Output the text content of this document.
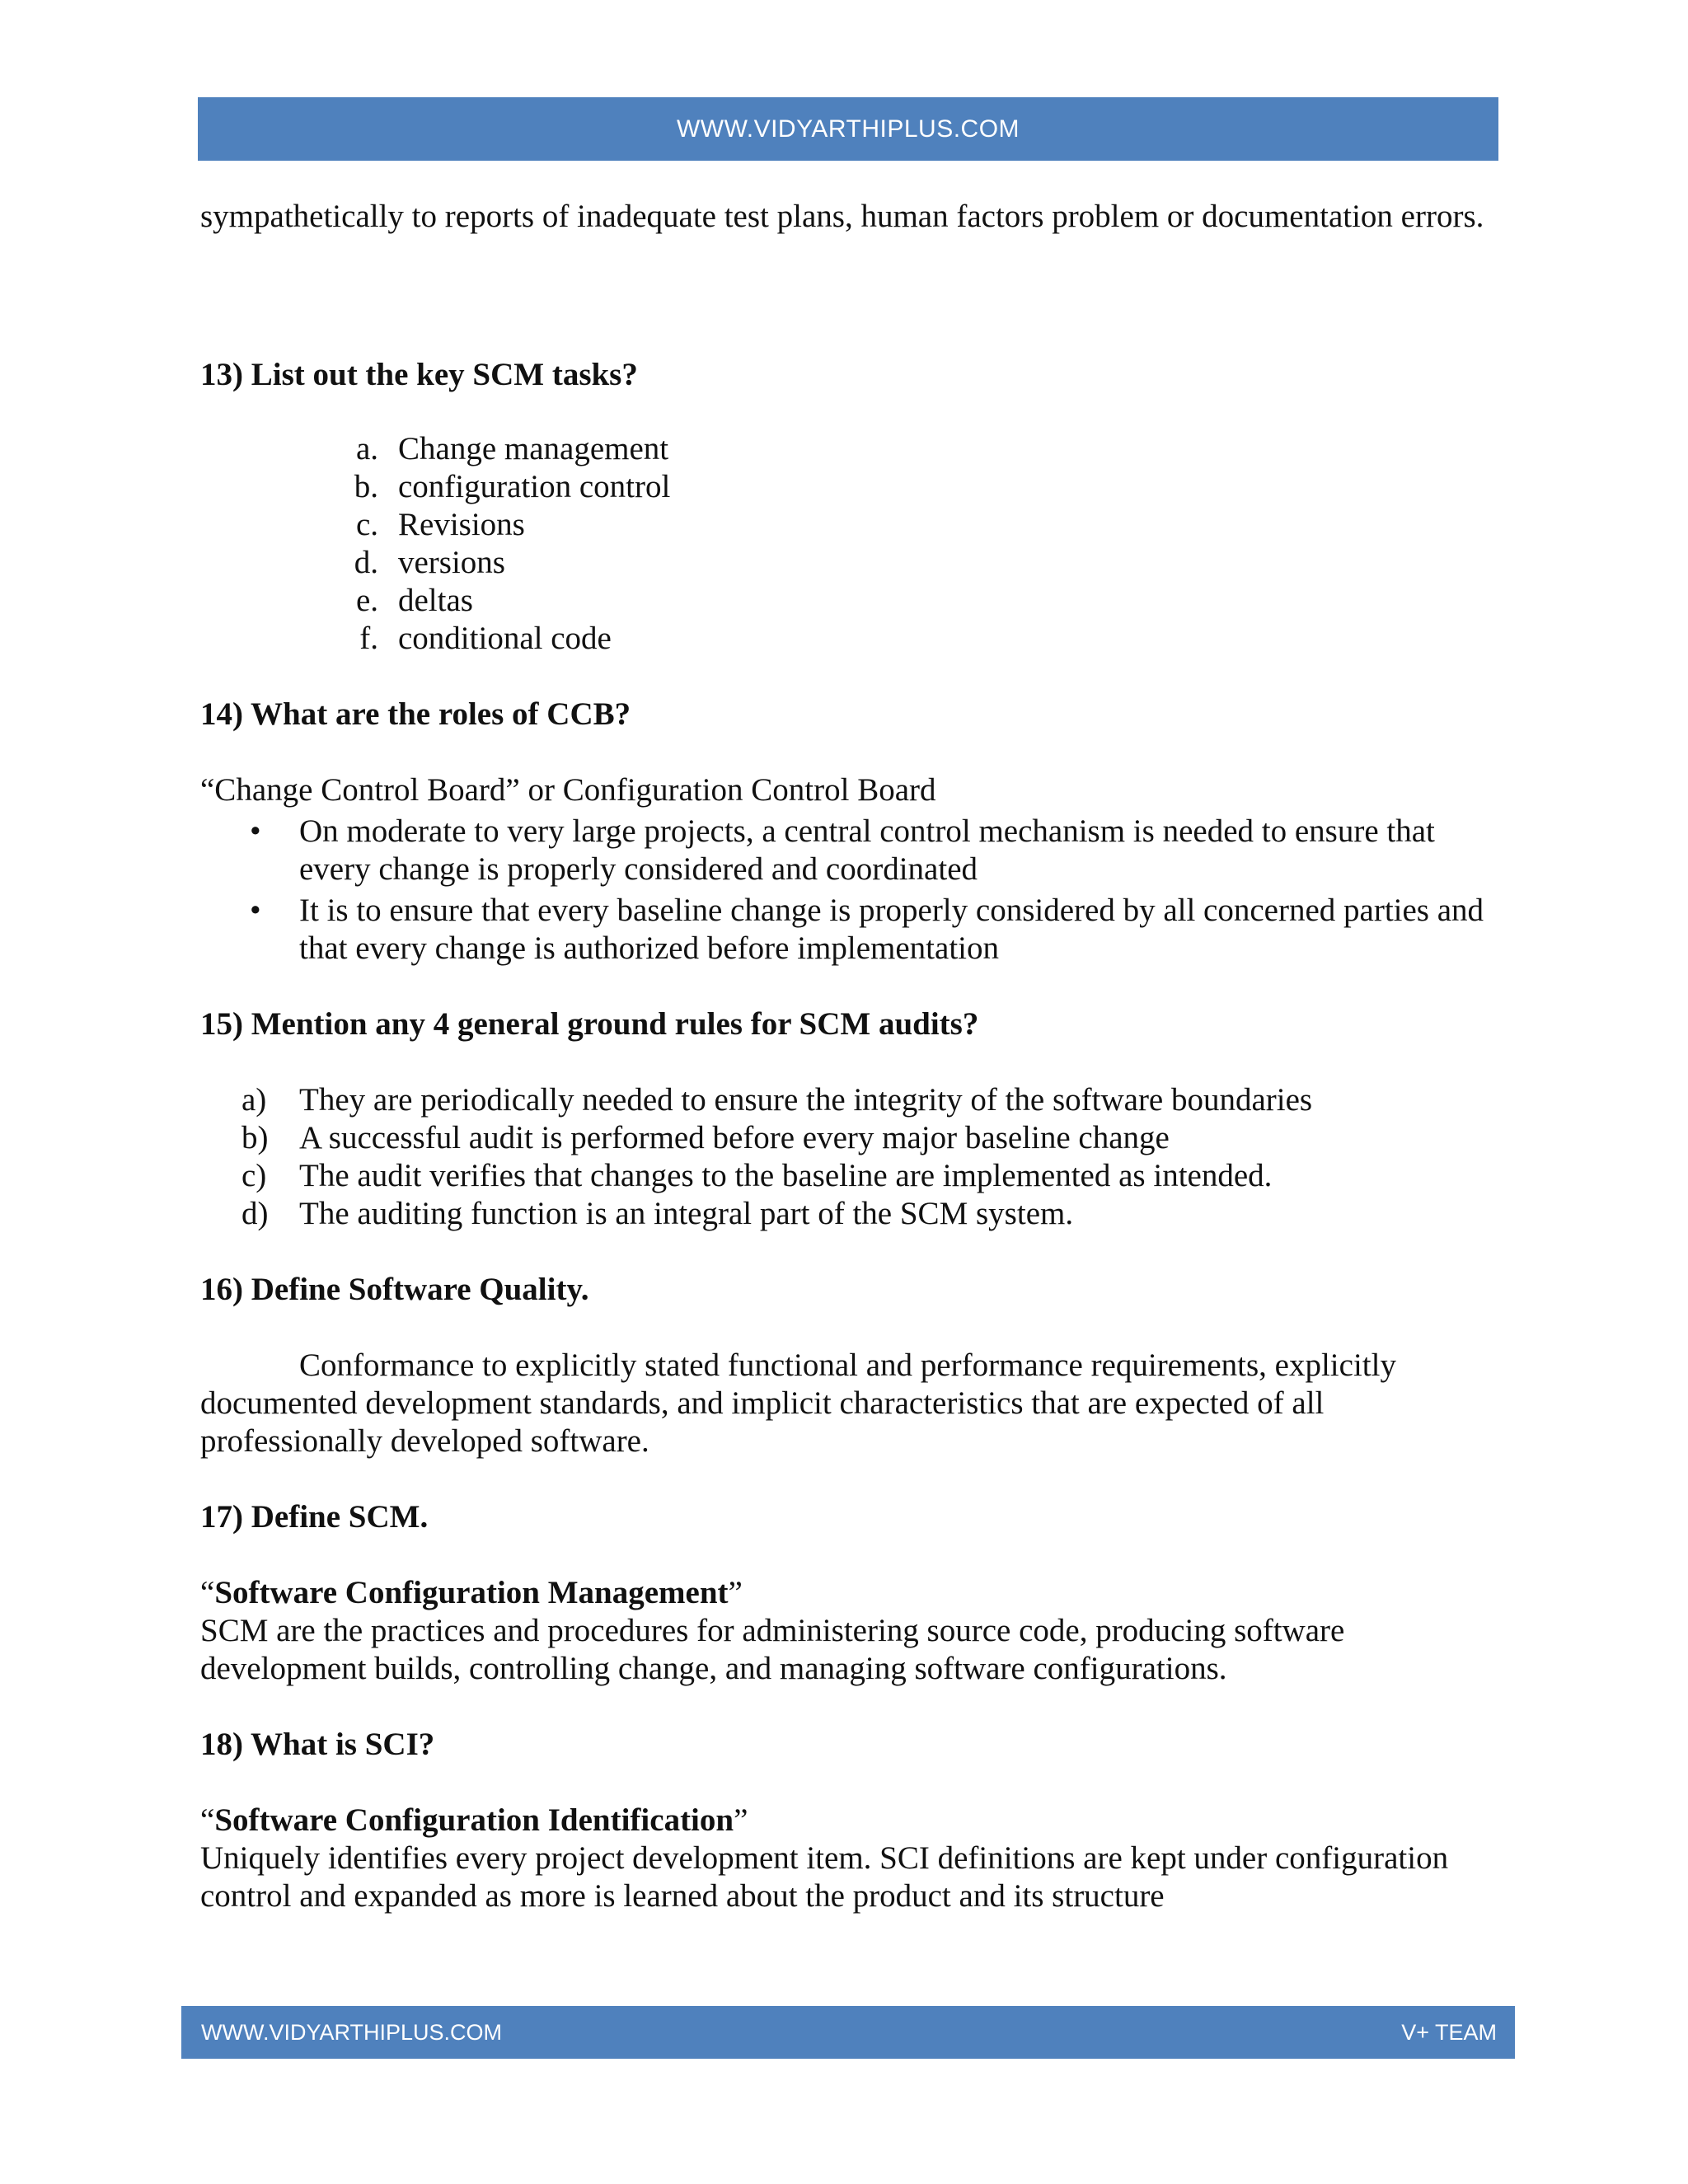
WWW.VIDYARTHIPLUS.COM

sympathetically to reports of inadequate test plans, human factors problem or documentation errors.

13) List out the key SCM tasks?

a. Change management
b. configuration control
c. Revisions
d. versions
e. deltas
f. conditional code

14) What are the roles of CCB?

“Change Control Board” or Configuration Control Board

•	On moderate to very large projects, a central control mechanism is needed to ensure that every change is properly considered and coordinated
•	It is to ensure that every baseline change is properly considered by all concerned parties and that every change is authorized before implementation

15) Mention any 4 general ground rules for SCM audits?

a)	They are periodically needed to ensure the integrity of the software boundaries
b) A successful audit is performed before every major baseline change
c)	The audit verifies that changes to the baseline are implemented as intended.
d) The auditing function is an integral part of the SCM system.

16) Define Software Quality.

Conformance to explicitly stated functional and performance requirements, explicitly documented development standards, and implicit characteristics that are expected of all professionally developed software.

17) Define SCM.

“Software Configuration Management”

SCM are the practices and procedures for administering source code, producing software development builds, controlling change, and managing software configurations.

18) What is SCI?

“Software Configuration Identification”

Uniquely identifies every project development item. SCI definitions are kept under configuration control and expanded as more is learned about the product and its structure

WWW.VIDYARTHIPLUS.COM	V+ TEAM
